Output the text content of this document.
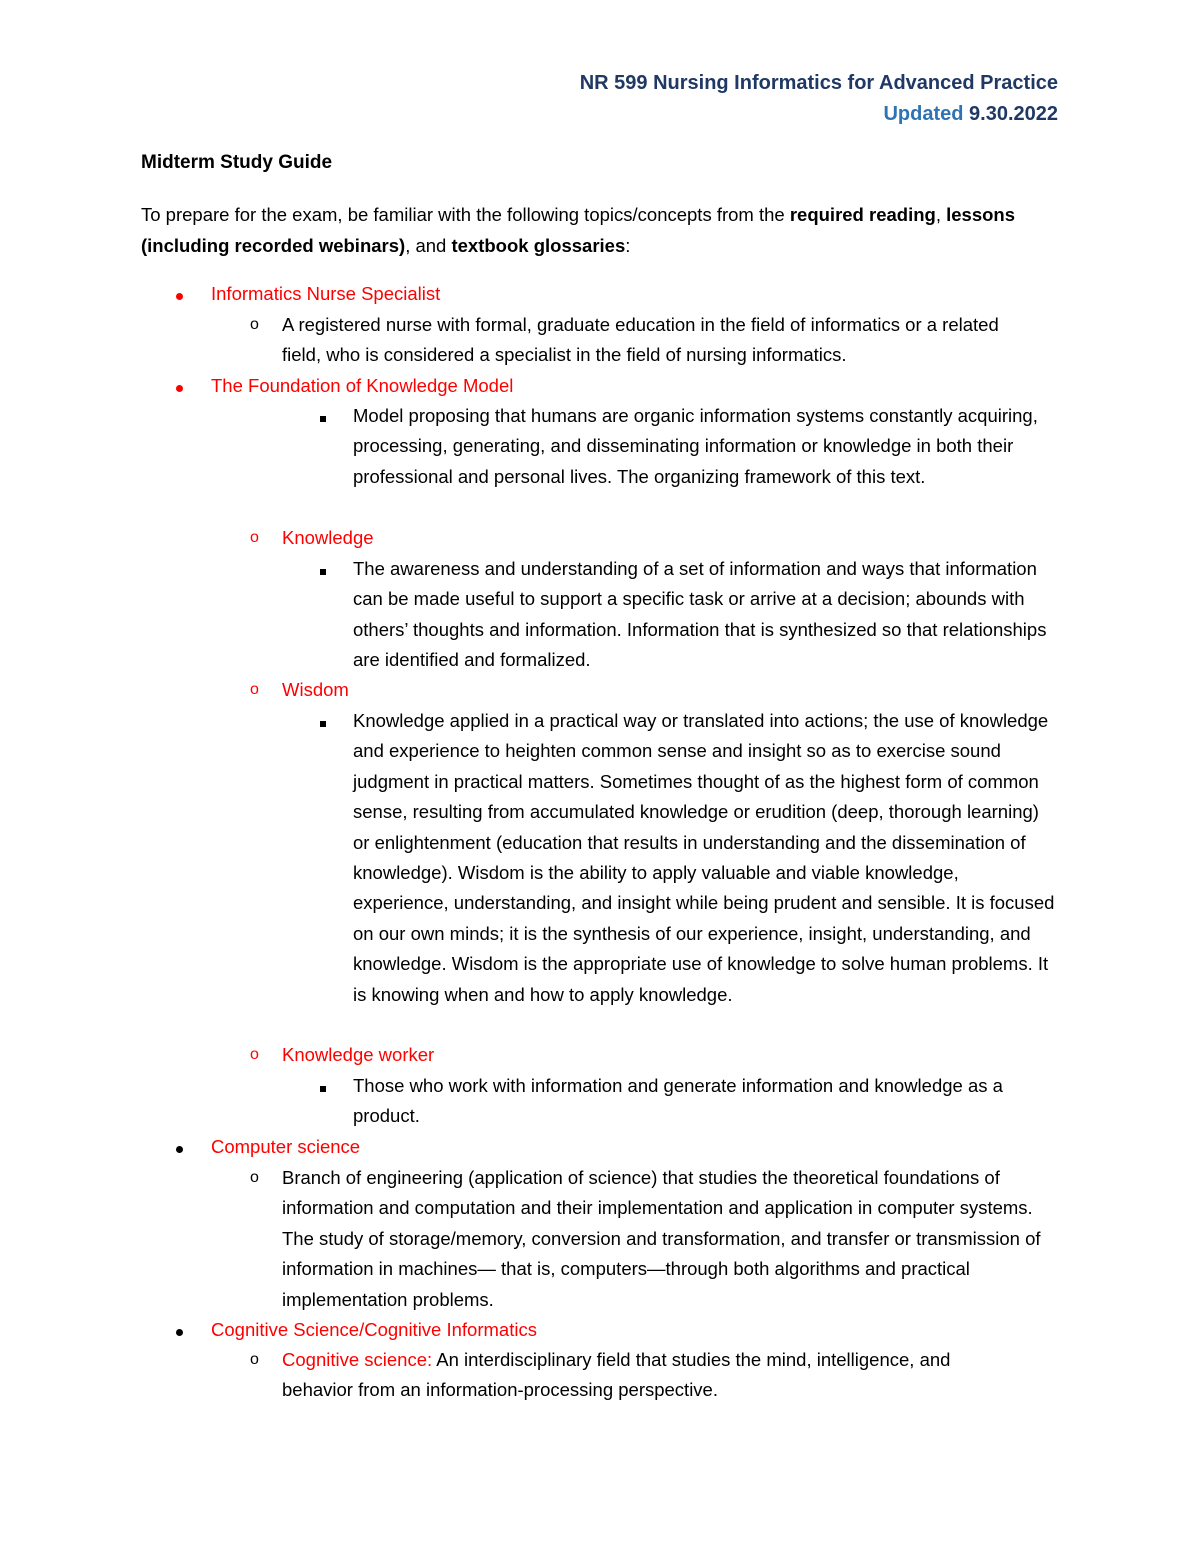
NR 599 Nursing Informatics for Advanced Practice
Updated 9.30.2022
Midterm Study Guide
To prepare for the exam, be familiar with the following topics/concepts from the required reading, lessons (including recorded webinars), and textbook glossaries:
Informatics Nurse Specialist
o A registered nurse with formal, graduate education in the field of informatics or a related field, who is considered a specialist in the field of nursing informatics.
The Foundation of Knowledge Model
Model proposing that humans are organic information systems constantly acquiring, processing, generating, and disseminating information or knowledge in both their professional and personal lives. The organizing framework of this text.
o Knowledge
The awareness and understanding of a set of information and ways that information can be made useful to support a specific task or arrive at a decision; abounds with others’ thoughts and information. Information that is synthesized so that relationships are identified and formalized.
o Wisdom
Knowledge applied in a practical way or translated into actions; the use of knowledge and experience to heighten common sense and insight so as to exercise sound judgment in practical matters. Sometimes thought of as the highest form of common sense, resulting from accumulated knowledge or erudition (deep, thorough learning) or enlightenment (education that results in understanding and the dissemination of knowledge). Wisdom is the ability to apply valuable and viable knowledge, experience, understanding, and insight while being prudent and sensible. It is focused on our own minds; it is the synthesis of our experience, insight, understanding, and knowledge. Wisdom is the appropriate use of knowledge to solve human problems. It is knowing when and how to apply knowledge.
o Knowledge worker
Those who work with information and generate information and knowledge as a product.
Computer science
o Branch of engineering (application of science) that studies the theoretical foundations of information and computation and their implementation and application in computer systems. The study of storage/memory, conversion and transformation, and transfer or transmission of information in machines— that is, computers—through both algorithms and practical implementation problems.
Cognitive Science/Cognitive Informatics
o Cognitive science: An interdisciplinary field that studies the mind, intelligence, and behavior from an information-processing perspective.
